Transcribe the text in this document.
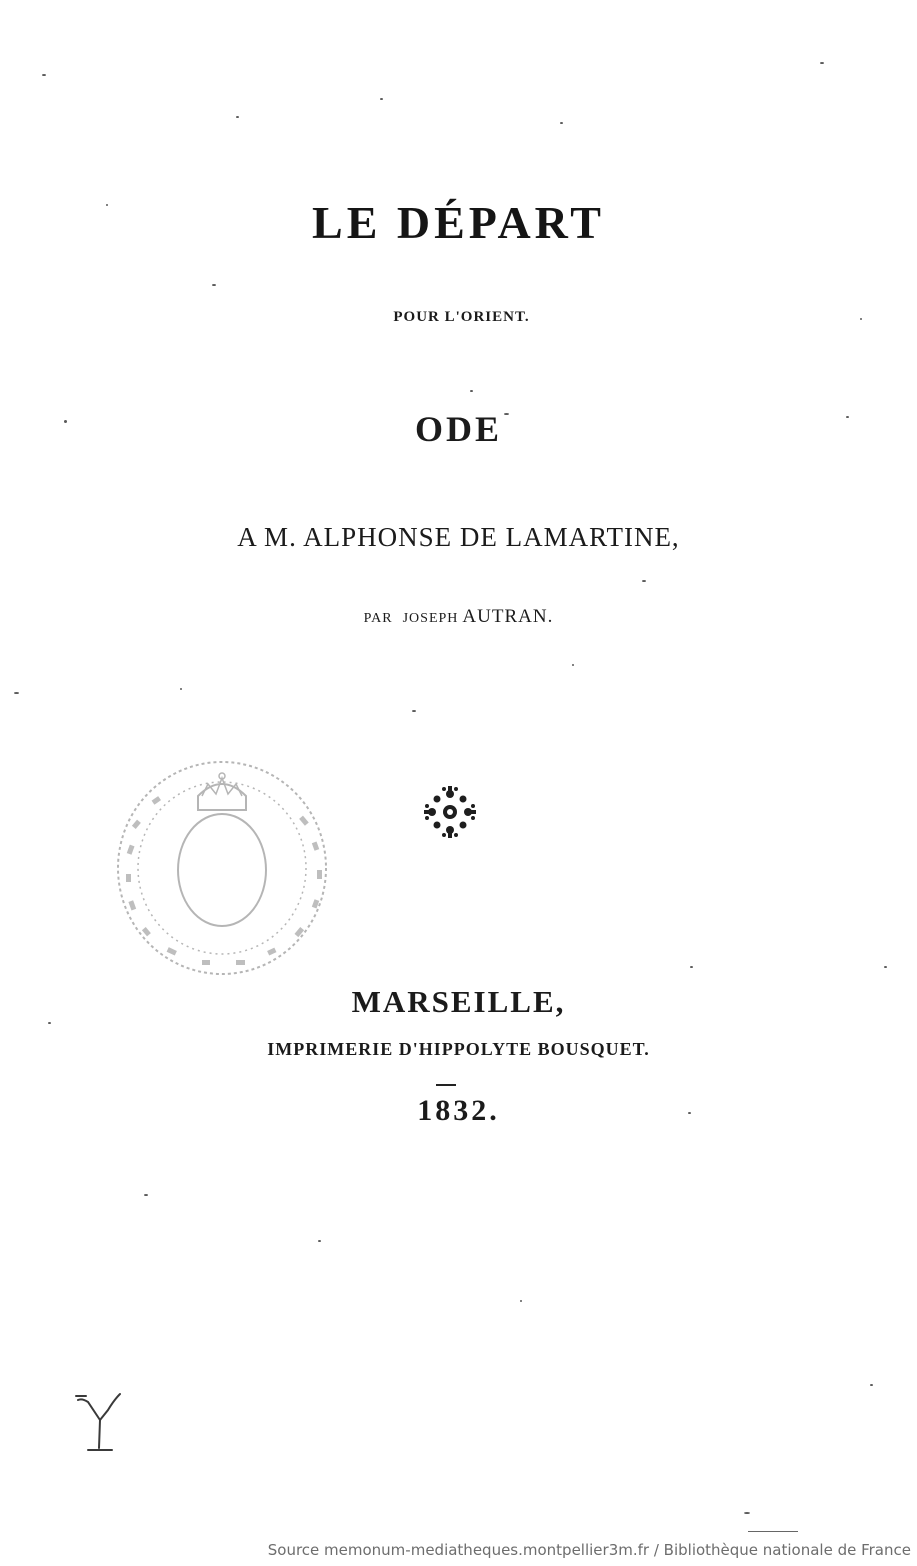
LE DÉPART
POUR L'ORIENT.
ODE
A M. ALPHONSE DE LAMARTINE,
PAR JOSEPH AUTRAN.
MARSEILLE,
IMPRIMERIE D'HIPPOLYTE BOUSQUET.
1832.
Source memonum-mediatheques.montpellier3m.fr / Bibliothèque nationale de France
